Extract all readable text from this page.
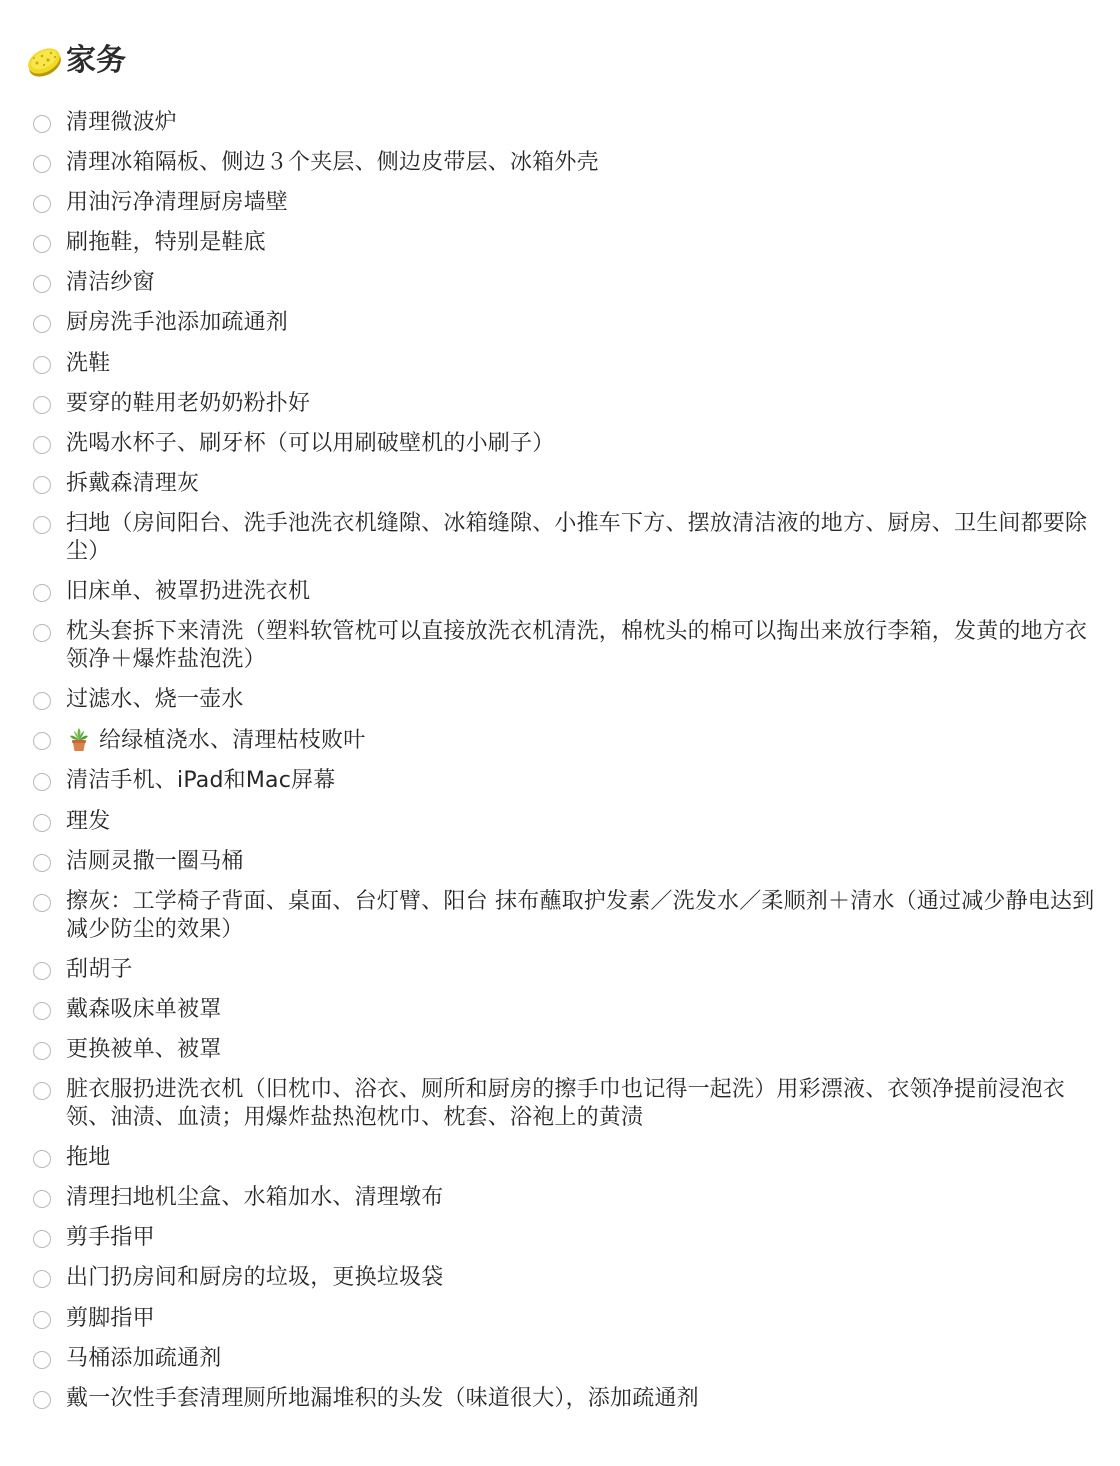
家务
清理微波炉
清理冰箱隔板、侧边３个夹层、侧边皮带层、冰箱外壳
用油污净清理厨房墙壁
刷拖鞋，特别是鞋底
清洁纱窗
厨房洗手池添加疏通剂
洗鞋
要穿的鞋用老奶奶粉扑好
洗喝水杯子、刷牙杯（可以用刷破壁机的小刷子）
拆戴森清理灰
扫地（房间阳台、洗手池洗衣机缝隙、冰箱缝隙、小推车下方、摆放清洁液的地方、厨房、卫生间都要除尘）
旧床单、被罩扔进洗衣机
枕头套拆下来清洗（塑料软管枕可以直接放洗衣机清洗，棉枕头的棉可以掏出来放行李箱，发黄的地方衣领净＋爆炸盐泡洗）
过滤水、烧一壶水
给绿植浇水、清理枯枝败叶
清洁手机、iPad和Mac屏幕
理发
洁厕灵撒一圈马桶
擦灰：工学椅子背面、桌面、台灯臂、阳台 抹布蘸取护发素／洗发水／柔顺剂＋清水（通过减少静电达到减少防尘的效果）
刮胡子
戴森吸床单被罩
更换被单、被罩
脏衣服扔进洗衣机（旧枕巾、浴衣、厕所和厨房的擦手巾也记得一起洗）用彩漂液、衣领净提前浸泡衣领、油渍、血渍；用爆炸盐热泡枕巾、枕套、浴袍上的黄渍
拖地
清理扫地机尘盒、水箱加水、清理墩布
剪手指甲
出门扔房间和厨房的垃圾，更换垃圾袋
剪脚指甲
马桶添加疏通剂
戴一次性手套清理厕所地漏堆积的头发（味道很大），添加疏通剂
